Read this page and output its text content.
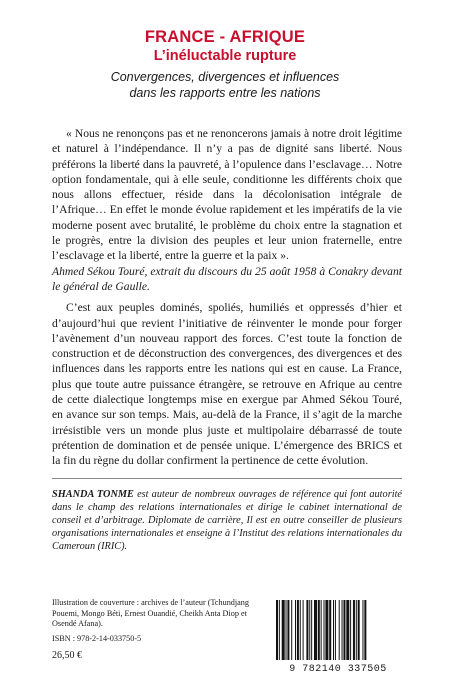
FRANCE - AFRIQUE
L’inéluctable rupture

Convergences, divergences et influences

dans les rapports entre les nations

« Nous ne renonçons pas et ne renoncerons jamais à notre droit légitime et naturel à l’indépendance. Il n’y a pas de dignité sans liberté. Nous préférons la liberté dans la pauvreté, à l’opulence dans l’esclavage… Notre option fondamentale, qui à elle seule, conditionne les différents choix que nous allons effectuer, réside dans la décolonisation intégrale de l’Afrique… En effet le monde évolue rapidement et les impératifs de la vie moderne posent avec brutalité, le problème du choix entre la stagnation et le progrès, entre la division des peuples et leur union fraternelle, entre l’esclavage et la liberté, entre la guerre et la paix ».

Ahmed Sékou Touré, extrait du discours du 25 août 1958 à Conakry devant le général de Gaulle.

C’est aux peuples dominés, spoliés, humiliés et oppressés d’hier et d’aujourd’hui que revient l’initiative de réinventer le monde pour forger l’avènement d’un nouveau rapport des forces. C’est toute la fonction de construction et de déconstruction des convergences, des divergences et des influences dans les rapports entre les nations qui est en cause. La France, plus que toute autre puissance étrangère, se retrouve en Afrique au centre de cette dialectique longtemps mise en exergue par Ahmed Sékou Touré, en avance sur son temps. Mais, au-delà de la France, il s’agit de la marche irrésistible vers un monde plus juste et multipolaire débarrassé de toute prétention de domination et de pensée unique. L’émergence des BRICS et la fin du règne du dollar confirment la pertinence de cette évolution.

SHANDA TONME est auteur de nombreux ouvrages de référence qui font autorité dans le champ des relations internationales et dirige le cabinet international de conseil et d’arbitrage. Diplomate de carrière, Il est en outre conseiller de plusieurs organisations internationales et enseigne à l’Institut des relations internationales du Cameroun (IRIC).
Illustration de couverture : archives de l’auteur (Tchundjang Pouemi, Mongo Béti, Ernest Ouandié, Cheikh Anta Diop et Osendé Afana).
ISBN : 978-2-14-033750-5
26,50 €
9 782140 337505
